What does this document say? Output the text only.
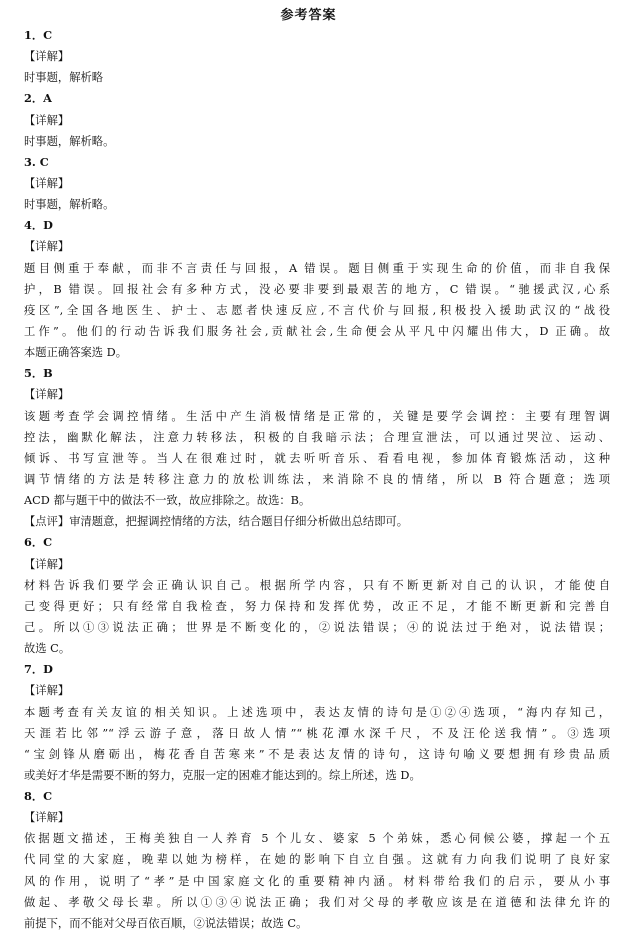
参考答案
1．C
【详解】
时事题，解析略
2．A
【详解】
时事题，解析略。
3. C
【详解】
时事题，解析略。
4．D
【详解】
题目侧重于奉献，而非不言责任与回报，A 错误。题目侧重于实现生命的价值，而非自我保
护，B 错误。回报社会有多种方式，没必要非要到最艰苦的地方，C 错误。“驰援武汉,心系
疫区”,全国各地医生、护士、志愿者快速反应,不言代价与回报,积极投入援助武汉的“战役
工作”。他们的行动告诉我们服务社会,贡献社会,生命便会从平凡中闪耀出伟大，D 正确。故
本题正确答案选 D。
5．B
【详解】
该题考查学会调控情绪。生活中产生消极情绪是正常的，关键是要学会调控：主要有理智调
控法，幽默化解法，注意力转移法，积极的自我暗示法；合理宣泄法，可以通过哭泣、运动、
倾诉、书写宣泄等。当人在很难过时，就去听听音乐、看看电视，参加体育锻炼活动，这种
调节情绪的方法是转移注意力的放松训练法，来消除不良的情绪，所以 B 符合题意；选项
ACD 都与题干中的做法不一致，故应排除之。故选：B。
【点评】审清题意，把握调控情绪的方法，结合题目仔细分析做出总结即可。
6．C
【详解】
材料告诉我们要学会正确认识自己。根据所学内容，只有不断更新对自己的认识，才能使自
己变得更好；只有经常自我检查，努力保持和发挥优势，改正不足，才能不断更新和完善自
己。所以①③说法正确；世界是不断变化的，②说法错误；④的说法过于绝对，说法错误；
故选 C。
7．D
【详解】
本题考查有关友谊的相关知识。上述选项中，表达友情的诗句是①②④选项，“海内存知己，
天涯若比邻”“浮云游子意，落日故人情”“桃花潭水深千尺，不及汪伦送我情”。③选项
“宝剑锋从磨砺出，梅花香自苦寒来”不是表达友情的诗句，这诗句喻义要想拥有珍贵品质
或美好才华是需要不断的努力，克服一定的困难才能达到的。综上所述，选 D。
8．C
【详解】
依据题文描述，王梅美独自一人养育 5 个儿女、婆家 5 个弟妹，悉心伺候公婆，撑起一个五
代同堂的大家庭，晚辈以她为榜样，在她的影响下自立自强。这就有力向我们说明了良好家
风的作用，说明了“孝”是中国家庭文化的重要精神内涵。材料带给我们的启示，要从小事
做起、孝敬父母长辈。所以①③④说法正确；我们对父母的孝敬应该是在道德和法律允许的
前提下，而不能对父母百依百顺，②说法错误；故选 C。
